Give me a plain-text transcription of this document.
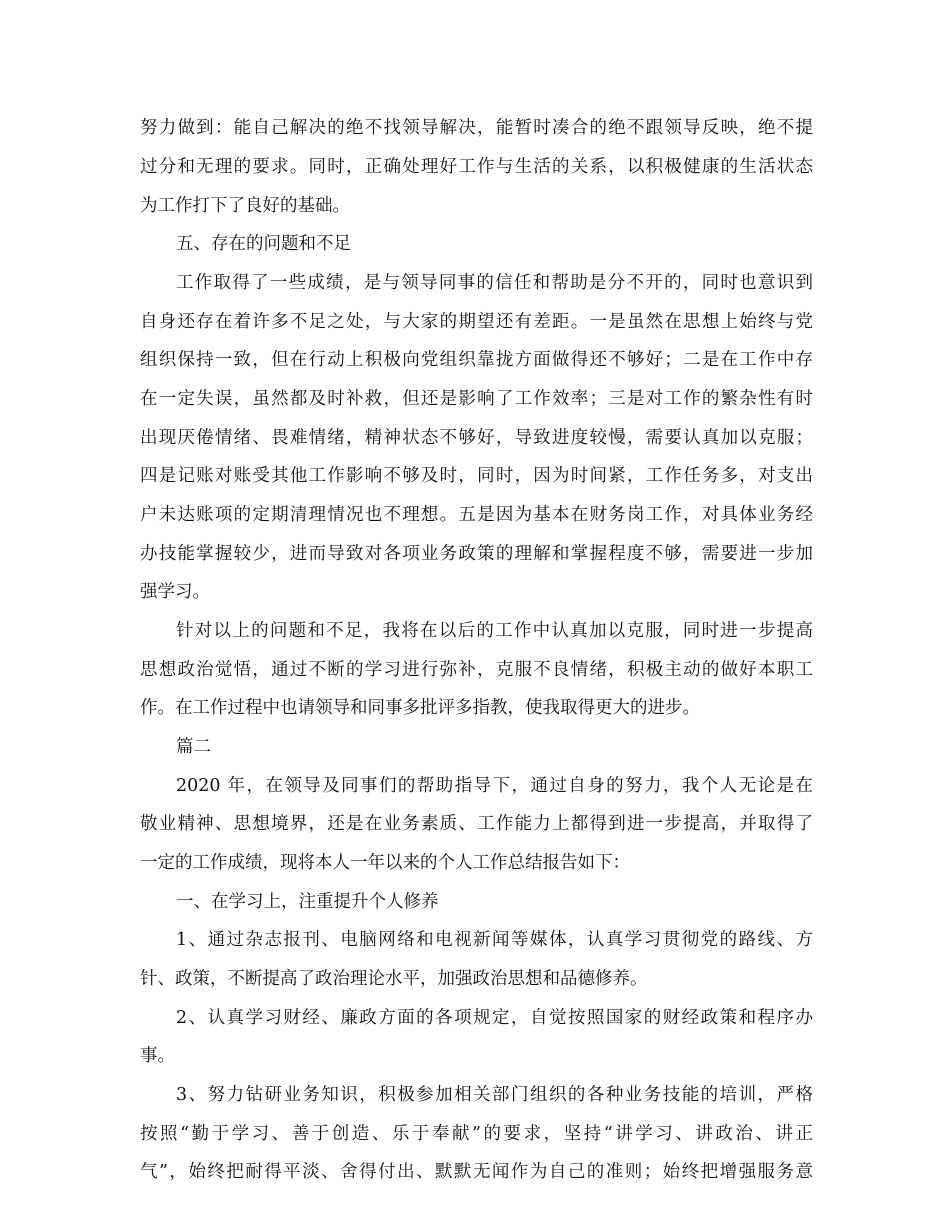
努力做到：能自己解决的绝不找领导解决，能暂时凑合的绝不跟领导反映，绝不提
过分和无理的要求。同时，正确处理好工作与生活的关系，以积极健康的生活状态
为工作打下了良好的基础。
五、存在的问题和不足
工作取得了一些成绩，是与领导同事的信任和帮助是分不开的，同时也意识到
自身还存在着许多不足之处，与大家的期望还有差距。一是虽然在思想上始终与党
组织保持一致，但在行动上积极向党组织靠拢方面做得还不够好；二是在工作中存
在一定失误，虽然都及时补救，但还是影响了工作效率；三是对工作的繁杂性有时
出现厌倦情绪、畏难情绪，精神状态不够好，导致进度较慢，需要认真加以克服；
四是记账对账受其他工作影响不够及时，同时，因为时间紧，工作任务多，对支出
户未达账项的定期清理情况也不理想。五是因为基本在财务岗工作，对具体业务经
办技能掌握较少，进而导致对各项业务政策的理解和掌握程度不够，需要进一步加
强学习。
针对以上的问题和不足，我将在以后的工作中认真加以克服，同时进一步提高
思想政治觉悟，通过不断的学习进行弥补，克服不良情绪，积极主动的做好本职工
作。在工作过程中也请领导和同事多批评多指教，使我取得更大的进步。
篇二
2020 年，在领导及同事们的帮助指导下，通过自身的努力，我个人无论是在
敬业精神、思想境界，还是在业务素质、工作能力上都得到进一步提高，并取得了
一定的工作成绩，现将本人一年以来的个人工作总结报告如下：
一、在学习上，注重提升个人修养
1、通过杂志报刊、电脑网络和电视新闻等媒体，认真学习贯彻党的路线、方
针、政策，不断提高了政治理论水平，加强政治思想和品德修养。
2、认真学习财经、廉政方面的各项规定，自觉按照国家的财经政策和程序办
事。
3、努力钻研业务知识，积极参加相关部门组织的各种业务技能的培训，严格
按照“勤于学习、善于创造、乐于奉献”的要求，坚持“讲学习、讲政治、讲正
气”，始终把耐得平淡、舍得付出、默默无闻作为自己的准则；始终把增强服务意
